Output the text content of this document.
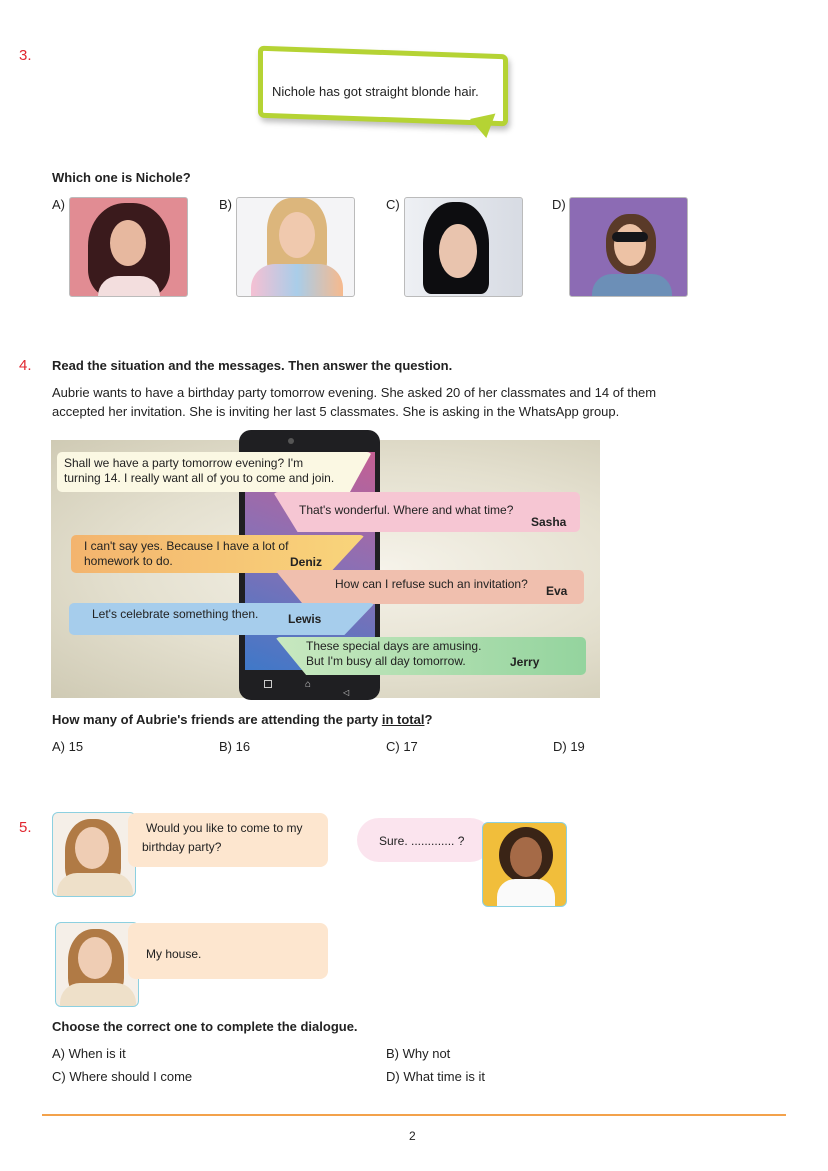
3.
Nichole has got straight blonde hair.
Which one is Nichole?
A)	B)	C)	D)
4. Read the situation and the messages. Then answer the question.
Aubrie wants to have a birthday party tomorrow evening. She asked 20 of her classmates and 14 of them
accepted her invitation. She is inviting her last 5 classmates. She is asking in the WhatsApp group.
⌂
◁
Shall we have a party tomorrow evening? I'm
turning 14. I really want all of you to come and join.
That's wonderful. Where and what time?
Sasha
I can't say yes. Because I have a lot of
homework to do.	Deniz
How can I refuse such an invitation? Eva
Let's celebrate something then. Lewis
These special days are amusing.
But I'm busy all day tomorrow.	Jerry
How many of Aubrie's friends are attending the party in total?
A) 15	B) 16	C) 17	D) 19
5.	Would you like to come to my
birthday party?	Sure. ............. ?
My house.
Choose the correct one to complete the dialogue.
A) When is it	B) Why not
C) Where should I come	D) What time is it
2
